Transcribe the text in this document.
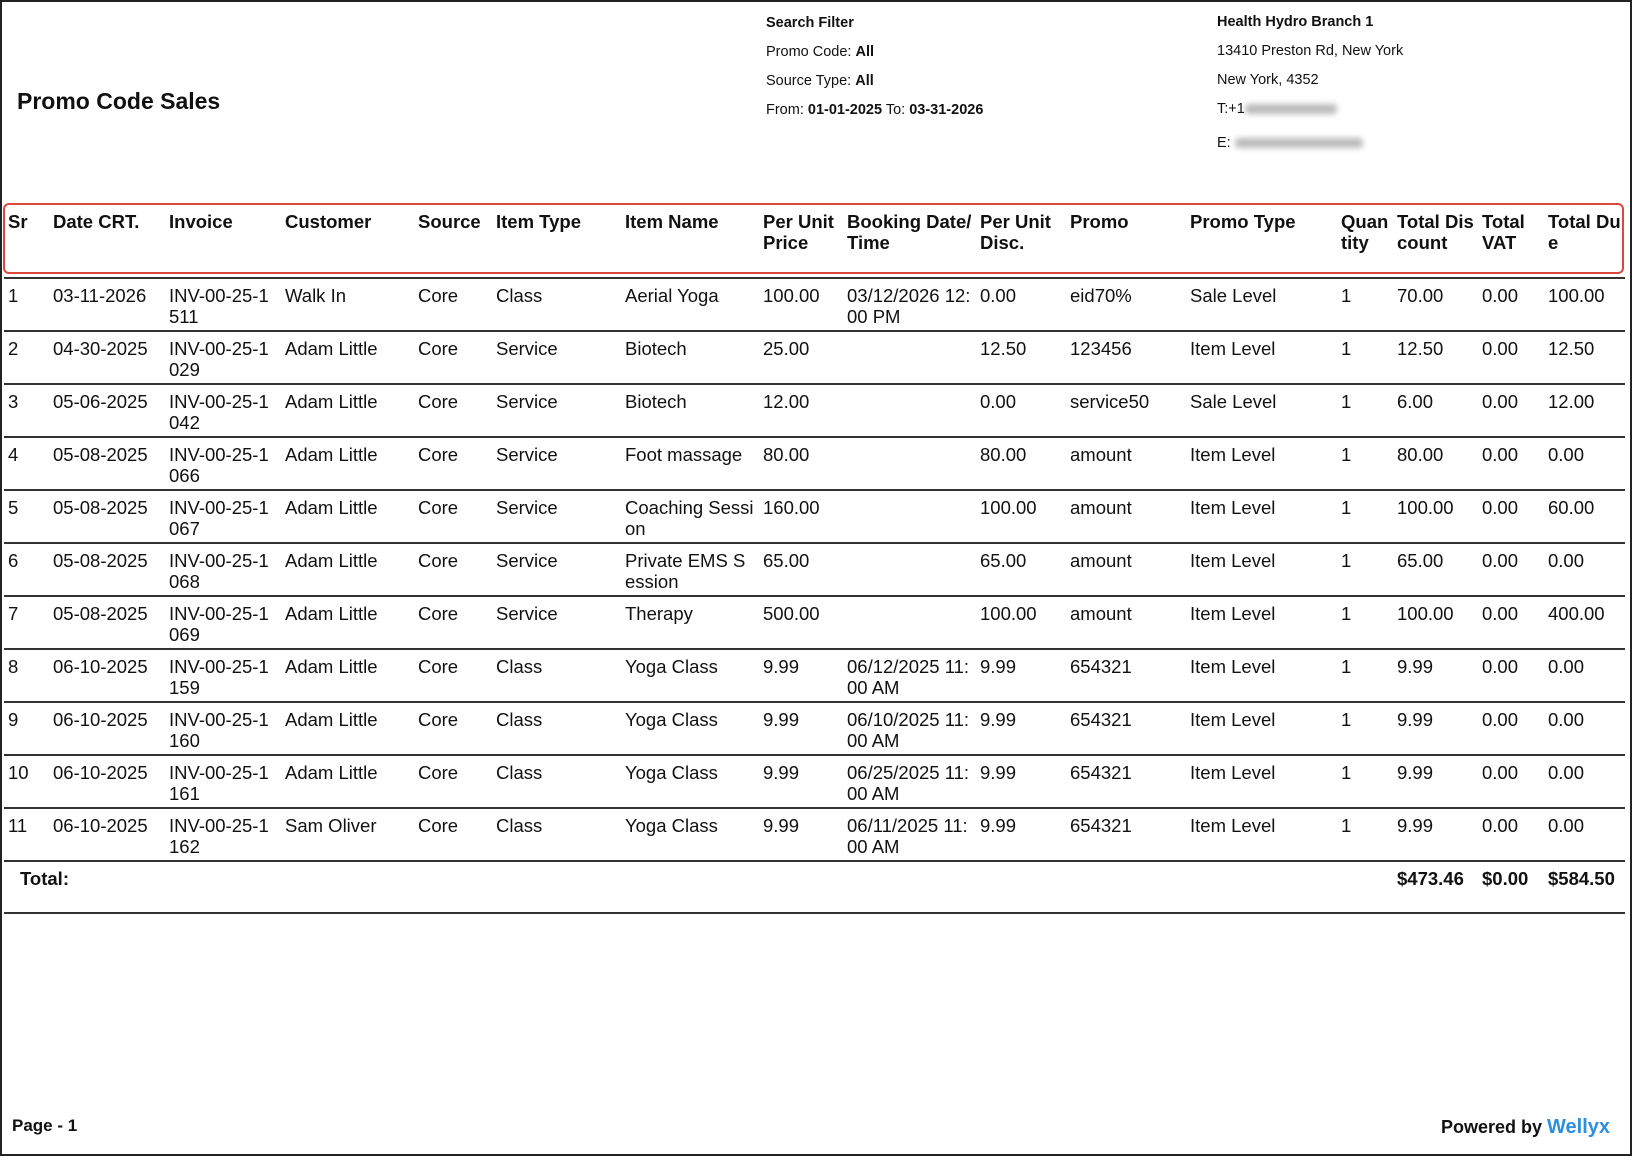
Promo Code Sales
Search Filter
Promo Code: All
Source Type: All
From: 01-01-2025 To: 03-31-2026
Health Hydro Branch 1
13410 Preston Rd, New York
New York, 4352
T:+1
E:
Sr	Date CRT.	Invoice	Customer	Source	Item Type	Item Name	Per Unit Price	Booking Date/Time	Per Unit Disc.	Promo	Promo Type	Quantity	Total Discount	Total VAT	Total Due
1	03-11-2026	INV-00-25-1511	Walk In	Core	Class	Aerial Yoga	100.00	03/12/2026 12:00 PM	0.00	eid70%	Sale Level	1	70.00	0.00	100.00
2	04-30-2025	INV-00-25-1029	Adam Little	Core	Service	Biotech	25.00		12.50	123456	Item Level	1	12.50	0.00	12.50
3	05-06-2025	INV-00-25-1042	Adam Little	Core	Service	Biotech	12.00		0.00	service50	Sale Level	1	6.00	0.00	12.00
4	05-08-2025	INV-00-25-1066	Adam Little	Core	Service	Foot massage	80.00		80.00	amount	Item Level	1	80.00	0.00	0.00
5	05-08-2025	INV-00-25-1067	Adam Little	Core	Service	Coaching Session	160.00		100.00	amount	Item Level	1	100.00	0.00	60.00
6	05-08-2025	INV-00-25-1068	Adam Little	Core	Service	Private EMS Session	65.00		65.00	amount	Item Level	1	65.00	0.00	0.00
7	05-08-2025	INV-00-25-1069	Adam Little	Core	Service	Therapy	500.00		100.00	amount	Item Level	1	100.00	0.00	400.00
8	06-10-2025	INV-00-25-1159	Adam Little	Core	Class	Yoga Class	9.99	06/12/2025 11:00 AM	9.99	654321	Item Level	1	9.99	0.00	0.00
9	06-10-2025	INV-00-25-1160	Adam Little	Core	Class	Yoga Class	9.99	06/10/2025 11:00 AM	9.99	654321	Item Level	1	9.99	0.00	0.00
10	06-10-2025	INV-00-25-1161	Adam Little	Core	Class	Yoga Class	9.99	06/25/2025 11:00 AM	9.99	654321	Item Level	1	9.99	0.00	0.00
11	06-10-2025	INV-00-25-1162	Sam Oliver	Core	Class	Yoga Class	9.99	06/11/2025 11:00 AM	9.99	654321	Item Level	1	9.99	0.00	0.00
Total:													$473.46	$0.00	$584.50

Page - 1	Powered by Wellyx
